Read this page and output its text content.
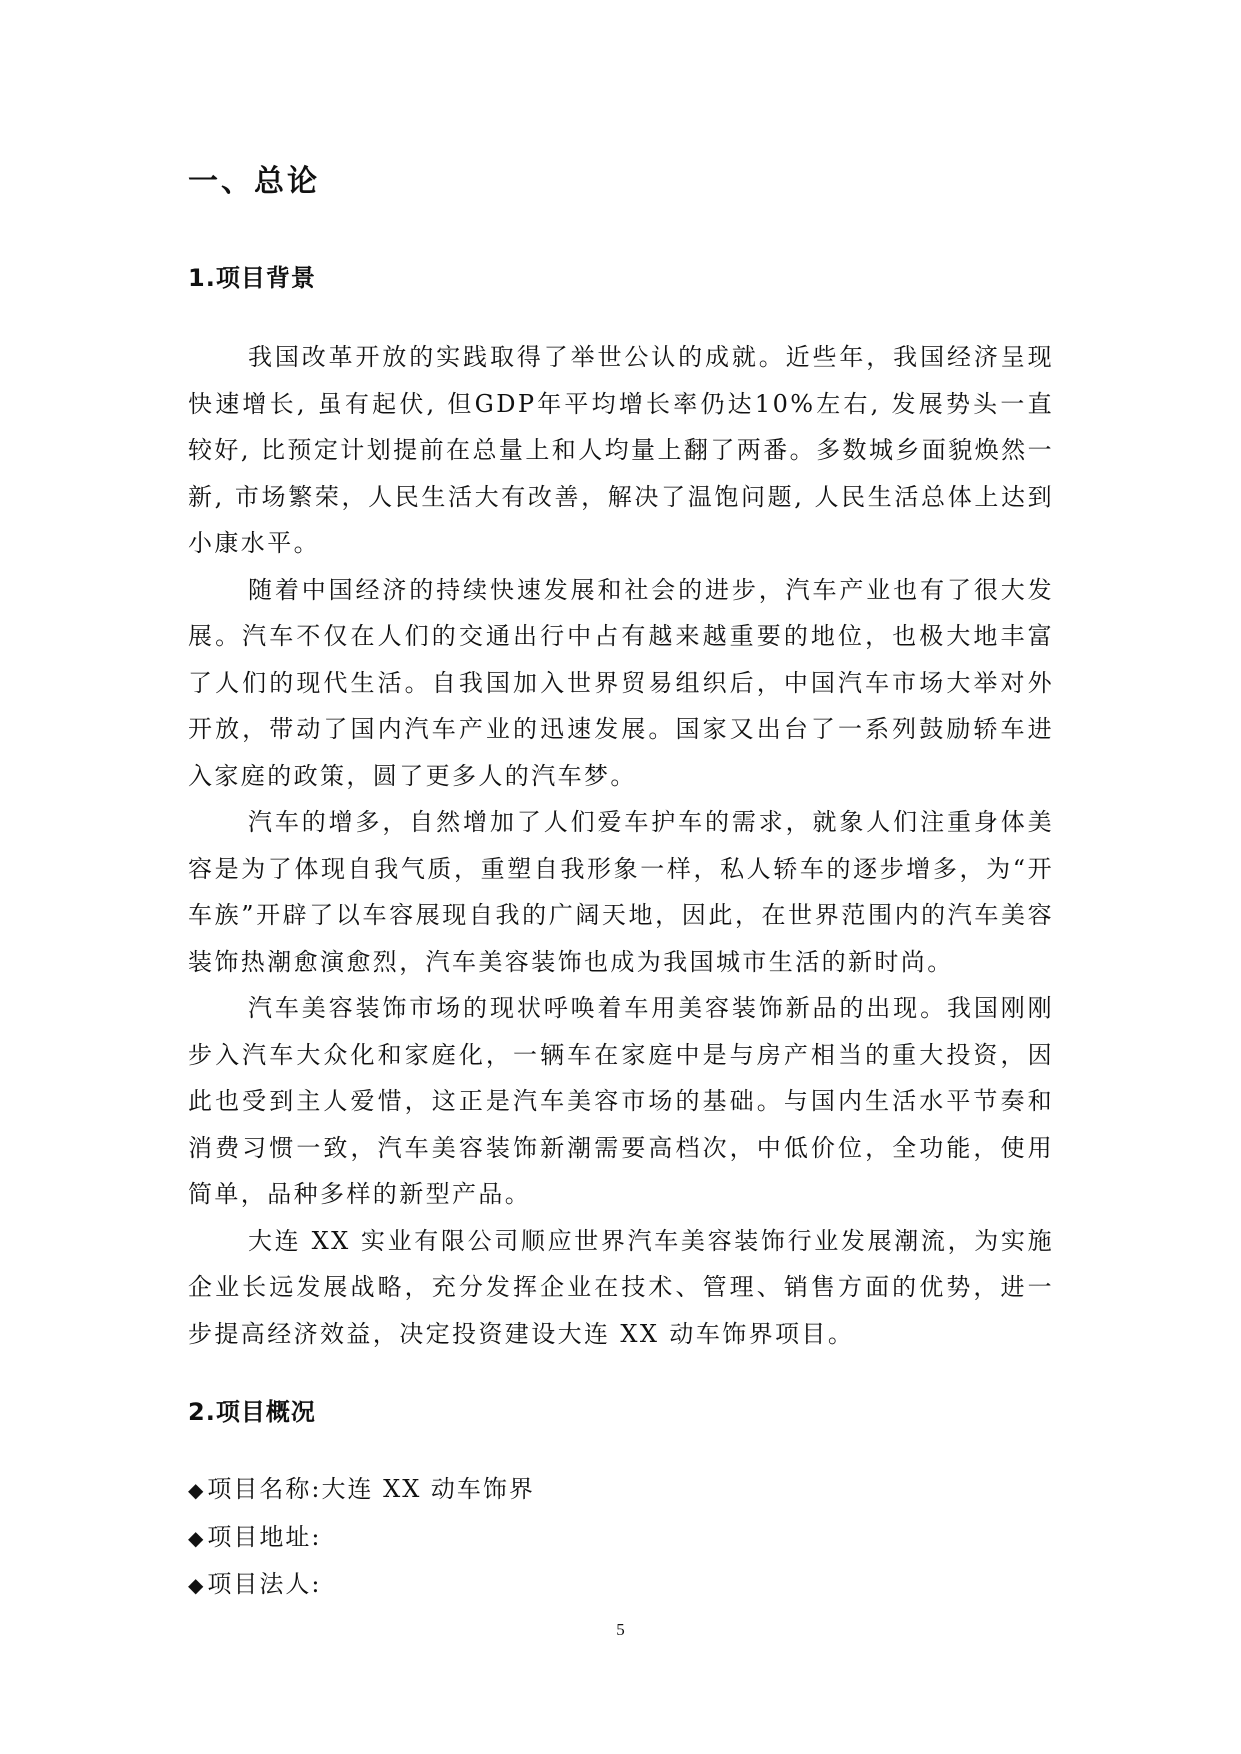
一、总论
1.项目背景

我国改革开放的实践取得了举世公认的成就。近些年，我国经济呈现快速增长, 虽有起伏, 但GDP年平均增长率仍达10%左右, 发展势头一直较好, 比预定计划提前在总量上和人均量上翻了两番。多数城乡面貌焕然一新, 市场繁荣，人民生活大有改善，解决了温饱问题, 人民生活总体上达到小康水平。

随着中国经济的持续快速发展和社会的进步，汽车产业也有了很大发展。汽车不仅在人们的交通出行中占有越来越重要的地位，也极大地丰富了人们的现代生活。自我国加入世界贸易组织后，中国汽车市场大举对外开放，带动了国内汽车产业的迅速发展。国家又出台了一系列鼓励轿车进入家庭的政策，圆了更多人的汽车梦。

汽车的增多，自然增加了人们爱车护车的需求，就象人们注重身体美容是为了体现自我气质，重塑自我形象一样，私人轿车的逐步增多，为“开车族”开辟了以车容展现自我的广阔天地，因此，在世界范围内的汽车美容装饰热潮愈演愈烈，汽车美容装饰也成为我国城市生活的新时尚。

汽车美容装饰市场的现状呼唤着车用美容装饰新品的出现。我国刚刚步入汽车大众化和家庭化，一辆车在家庭中是与房产相当的重大投资，因此也受到主人爱惜，这正是汽车美容市场的基础。与国内生活水平节奏和消费习惯一致，汽车美容装饰新潮需要高档次，中低价位，全功能，使用简单，品种多样的新型产品。

大连 XX 实业有限公司顺应世界汽车美容装饰行业发展潮流，为实施企业长远发展战略，充分发挥企业在技术、管理、销售方面的优势，进一步提高经济效益，决定投资建设大连 XX 动车饰界项目。

2.项目概况
◆项目名称:大连 XX 动车饰界
◆项目地址:
◆项目法人:
5
